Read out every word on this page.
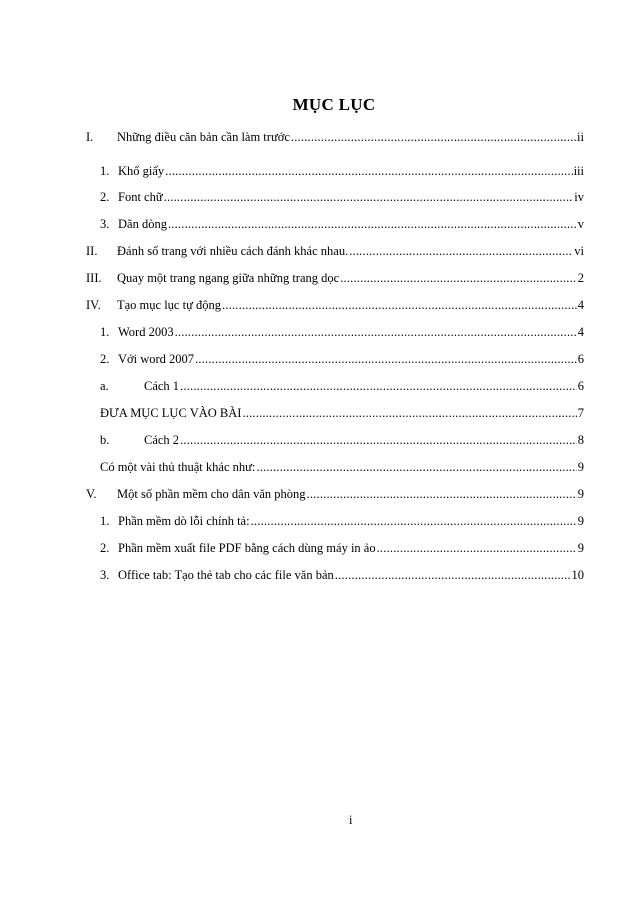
MỤC LỤC
I.	Những điều căn bản cần làm trước .....	ii
1. Khổ giấy .....	iii
2. Font chữ .....	iv
3. Dãn dòng .....	v
II.	Đánh số trang với nhiều cách đánh khác nhau. .....	vi
III.	Quay một trang ngang giữa những trang dọc .....	2
IV.	Tạo mục lục tự động .....	4
1. Word 2003 .....	4
2. Với word 2007 .....	6
a.	Cách 1 .....	6
ĐƯA MỤC LỤC VÀO BÀI .....	7
b.	Cách 2 .....	8
Có một vài thủ thuật khác như: .....	9
V.	Một số phần mềm cho dân văn phòng .....	9
1. Phần mềm dò lỗi chính tả: .....	9
2. Phần mềm xuất file PDF bằng cách dùng máy in ảo .....	9
3. Office tab: Tạo thẻ tab cho các file văn bản .....	10
i
